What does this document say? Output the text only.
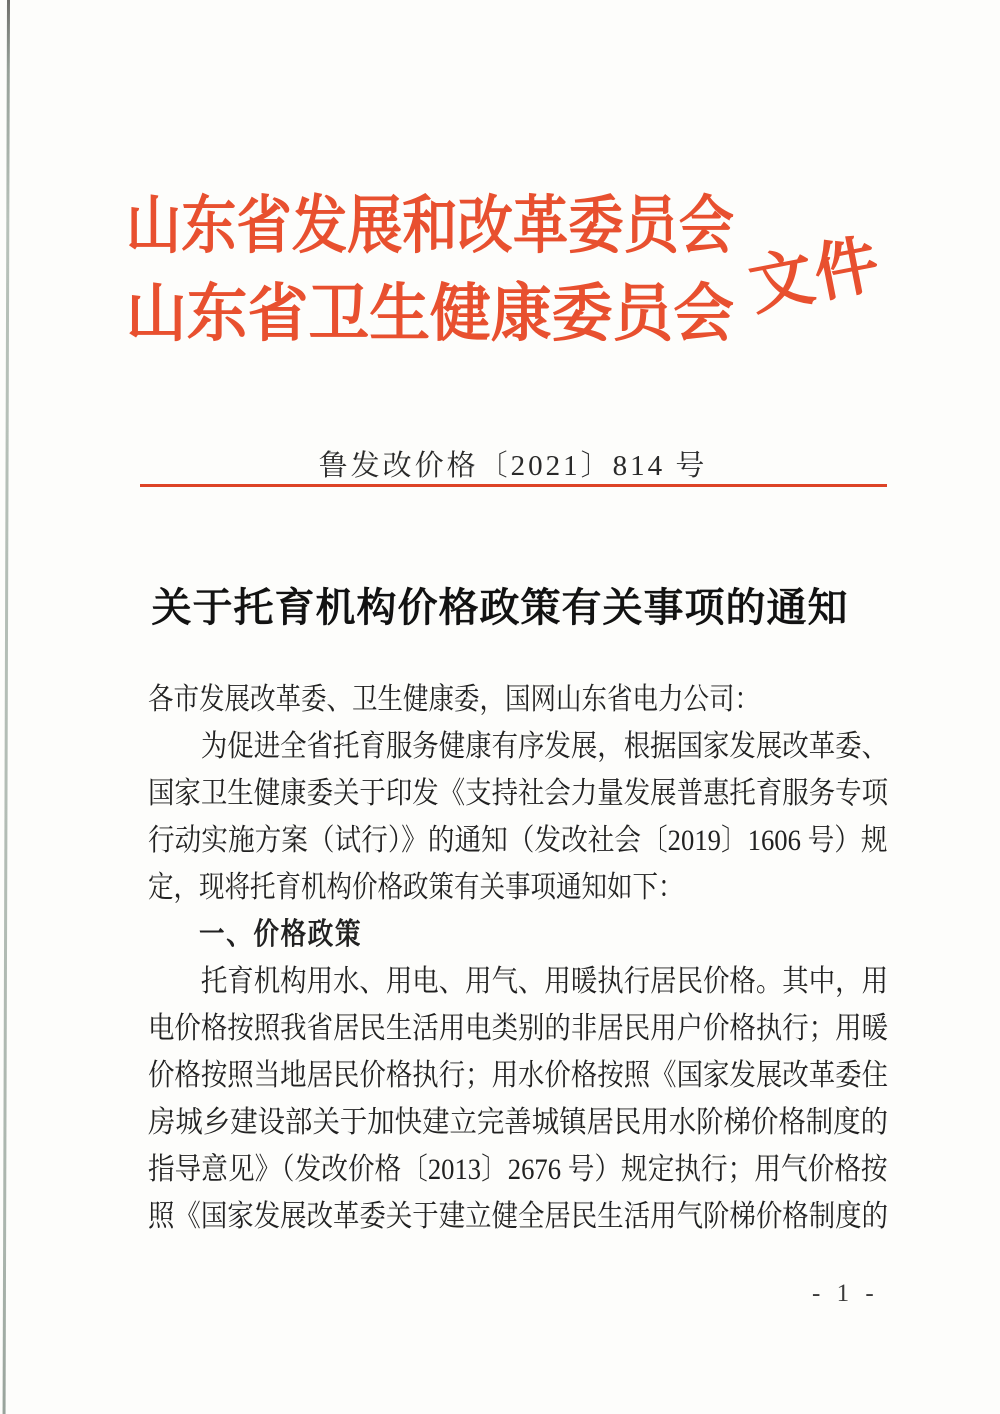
山东省发展和改革委员会
山东省卫生健康委员会 文件
鲁发改价格〔2021〕814 号
关于托育机构价格政策有关事项的通知
各市发展改革委、卫生健康委，国网山东省电力公司：
为促进全省托育服务健康有序发展，根据国家发展改革委、
国家卫生健康委关于印发《支持社会力量发展普惠托育服务专项
行动实施方案（试行）》的通知（发改社会〔2019〕1606 号）规
定，现将托育机构价格政策有关事项通知如下：
一、价格政策
托育机构用水、用电、用气、用暖执行居民价格。其中，用
电价格按照我省居民生活用电类别的非居民用户价格执行；用暖
价格按照当地居民价格执行；用水价格按照《国家发展改革委住
房城乡建设部关于加快建立完善城镇居民用水阶梯价格制度的
指导意见》（发改价格〔2013〕2676 号）规定执行；用气价格按
照《国家发展改革委关于建立健全居民生活用气阶梯价格制度的
- 1 -
